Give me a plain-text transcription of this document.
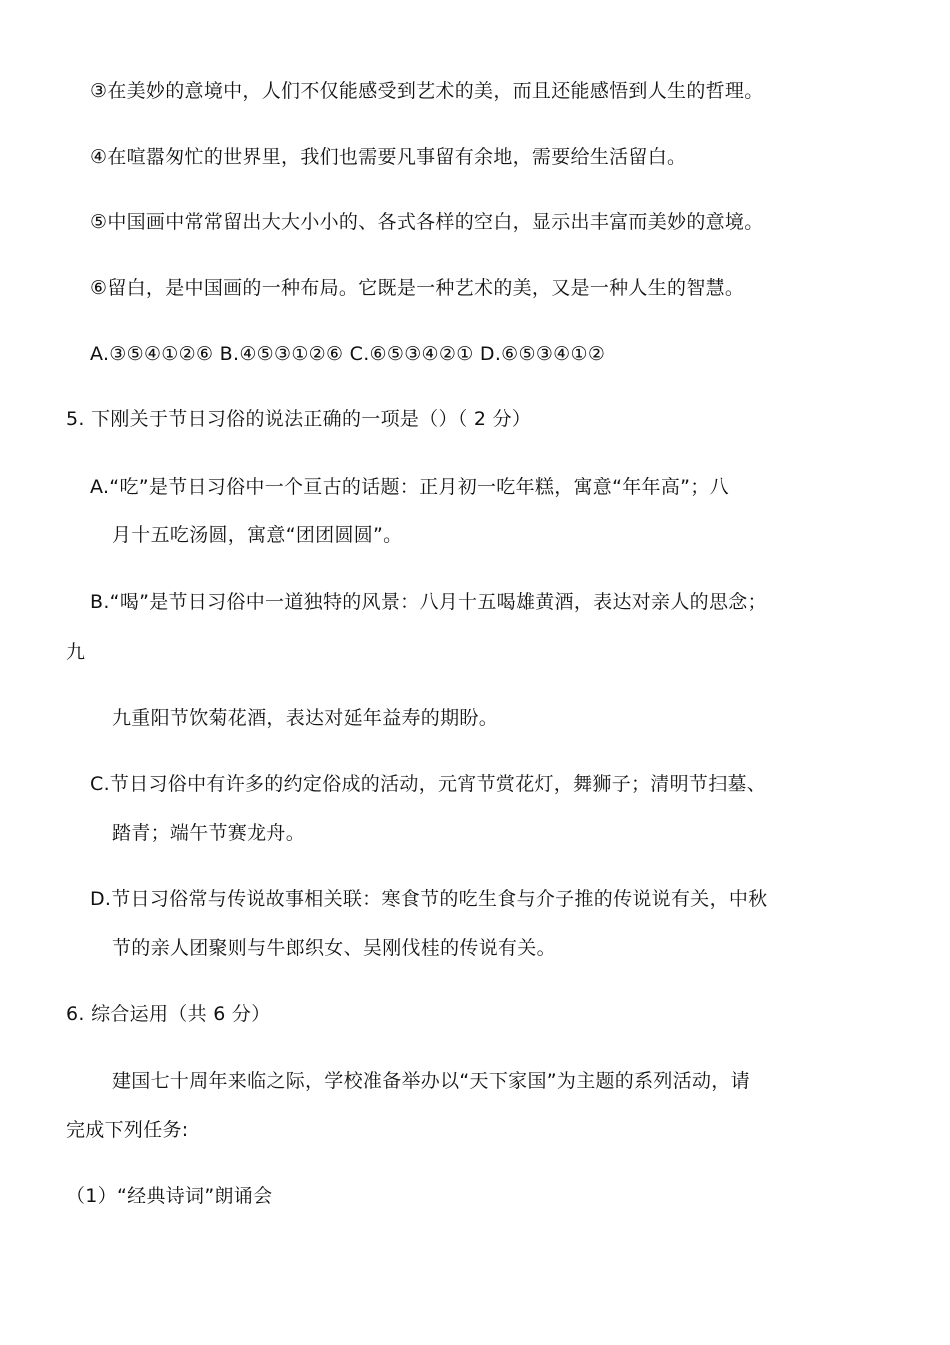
③在美妙的意境中，人们不仅能感受到艺术的美，而且还能感悟到人生的哲理。
④在喧嚣匆忙的世界里，我们也需要凡事留有余地，需要给生活留白。
⑤中国画中常常留出大大小小的、各式各样的空白，显示出丰富而美妙的意境。
⑥留白，是中国画的一种布局。它既是一种艺术的美，又是一种人生的智慧。
A.③⑤④①②⑥ B.④⑤③①②⑥ C.⑥⑤③④②① D.⑥⑤③④①②
5. 下刚关于节日习俗的说法正确的一项是（）（ 2 分）
A.“吃”是节日习俗中一个亘古的话题：正月初一吃年糕，寓意“年年高”；八
月十五吃汤圆，寓意“团团圆圆”。
B.“喝”是节日习俗中一道独特的风景：八月十五喝雄黄酒，表达对亲人的思念；
九
九重阳节饮菊花酒，表达对延年益寿的期盼。
C.节日习俗中有许多的约定俗成的活动，元宵节赏花灯，舞狮子；清明节扫墓、
踏青；端午节赛龙舟。
D.节日习俗常与传说故事相关联：寒食节的吃生食与介子推的传说说有关，中秋
节的亲人团聚则与牛郎织女、吴刚伐桂的传说有关。
6. 综合运用（共 6 分）
建国七十周年来临之际，学校准备举办以“天下家国”为主题的系列活动，请
完成下列任务:
（1）“经典诗词”朗诵会
